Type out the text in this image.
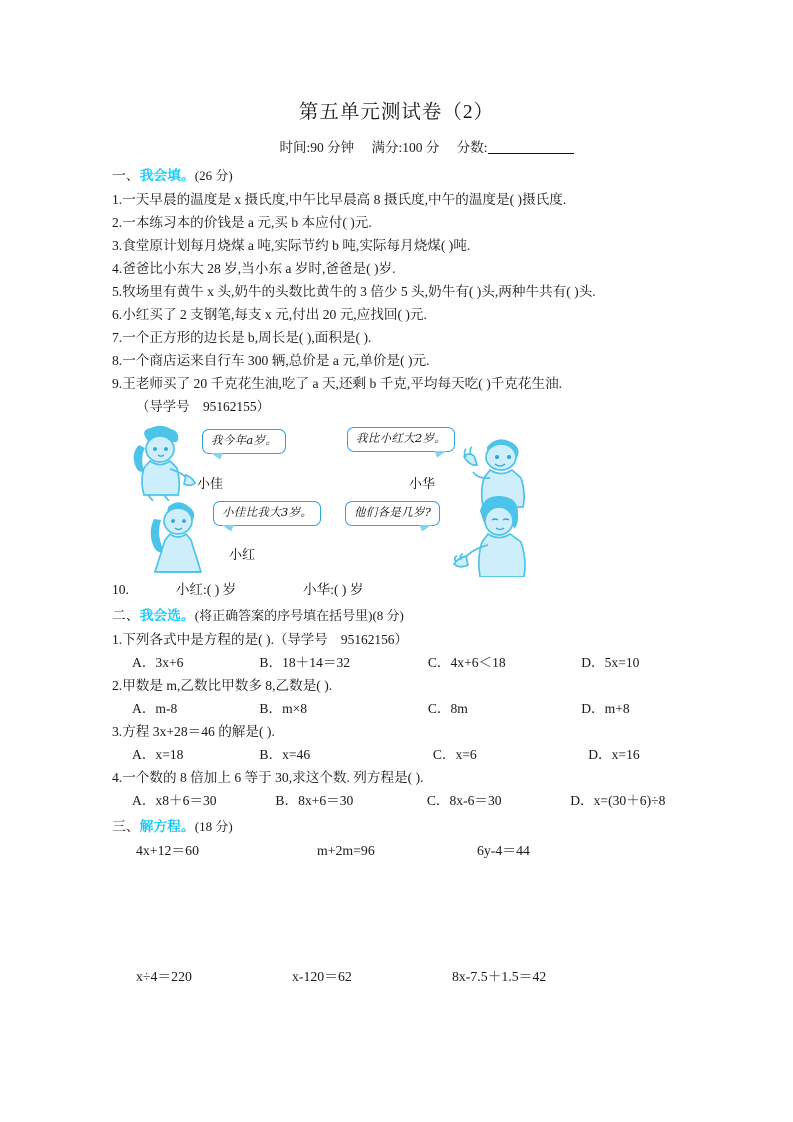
第五单元测试卷（2）
时间:90 分钟 满分:100 分 分数:
一、我会填。(26 分)
1.一天早晨的温度是 x 摄氏度,中午比早晨高 8 摄氏度,中午的温度是( )摄氏度.
2.一本练习本的价钱是 a 元,买 b 本应付( )元.
3.食堂原计划每月烧煤 a 吨,实际节约 b 吨,实际每月烧煤( )吨.
4.爸爸比小东大 28 岁,当小东 a 岁时,爸爸是( )岁.
5.牧场里有黄牛 x 头,奶牛的头数比黄牛的 3 倍少 5 头,奶牛有( )头,两种牛共有( )头.
6.小红买了 2 支钢笔,每支 x 元,付出 20 元,应找回( )元.
7.一个正方形的边长是 b,周长是( ),面积是( ).
8.一个商店运来自行车 300 辆,总价是 a 元,单价是( )元.
9.王老师买了 20 千克花生油,吃了 a 天,还剩 b 千克,平均每天吃( )千克花生油.
（导学号　95162155）
我今年a岁。
小佳
我比小红大2岁。
小华
小佳比我大3岁。
小红
他们各是几岁?
10.	小红:( ) 岁	小华:( ) 岁
二、我会选。(将正确答案的序号填在括号里)(8 分)
1.下列各式中是方程的是( ).（导学号　95162156）
A．3x+6	B．18＋14＝32	C．4x+6＜18	D．5x=10
2.甲数是 m,乙数比甲数多 8,乙数是( ).
A．m-8	B．m×8	C．8m	D．m+8
3.方程 3x+28＝46 的解是( ).
A．x=18	B．x=46	C．x=6	D．x=16
4.一个数的 8 倍加上 6 等于 30,求这个数. 列方程是( ).
A．x8＋6＝30	B．8x+6＝30	C．8x-6＝30	D．x=(30＋6)÷8
三、解方程。(18 分)
4x+12＝60	m+2m=96	6y-4＝44
x÷4＝220	x-120＝62	8x-7.5＋1.5＝42
